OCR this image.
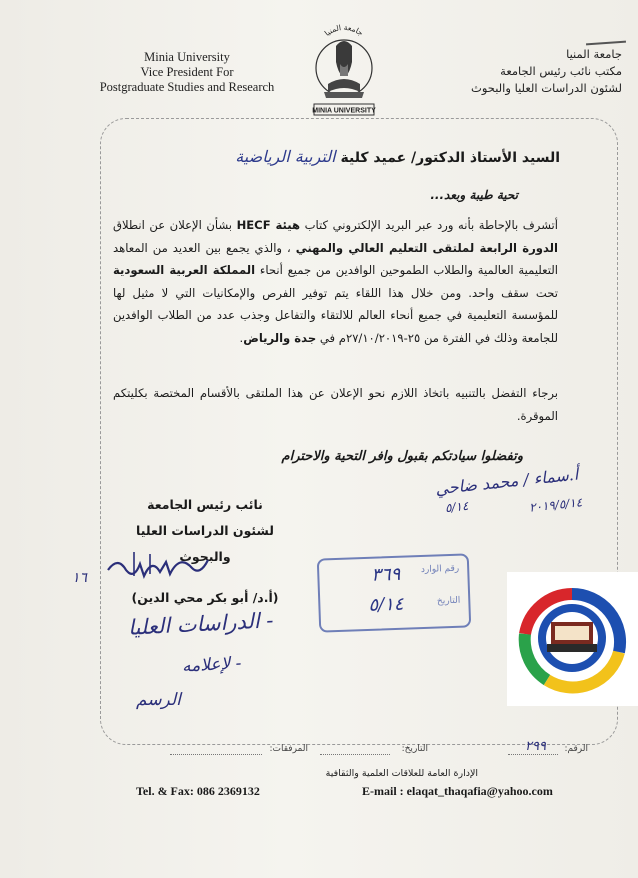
Minia University
Vice President For
Postgraduate Studies and Research
جامعة المنيا
MINIA UNIVERSITY
جامعة المنيا
مكتب نائب رئيس الجامعة
لشئون الدراسات العليا والبحوث
السيد الأستاذ الدكتور/ عميد كلية التربية الرياضية
تحية طيبة وبعد...
أتشرف بالإحاطة بأنه ورد عبر البريد الإلكتروني كتاب هيئة HECF بشأن الإعلان عن انطلاق الدورة الرابعة لملتقى التعليم العالي والمهني ، والذي يجمع بين العديد من المعاهد التعليمية العالمية والطلاب الطموحين الوافدين من جميع أنحاء المملكة العربية السعودية تحت سقف واحد. ومن خلال هذا اللقاء يتم توفير الفرص والإمكانيات التي لا مثيل لها للمؤسسة التعليمية في جميع أنحاء العالم للالتقاء والتفاعل وجذب عدد من الطلاب الوافدين للجامعة وذلك في الفترة من ٢٥-٢٧/١٠/٢٠١٩م في جدة والرياض.
برجاء التفضل بالتنبيه باتخاذ اللازم نحو الإعلان عن هذا الملتقى بالأقسام المختصة بكليتكم الموقرة.
وتفضلوا سيادتكم بقبول وافر التحية والاحترام
أ.سماء / محمد ضاحي
٢٠١٩/٥/١٤
٥/١٤
نائب رئيس الجامعة
لشئون الدراسات العليا والبحوث
١٦
(أ.د/ أبو بكر محي الدين)
رقم الوارد
٣٦٩
التاريخ
٥/١٤
- الدراسات العليا
- لإعلامه
الرسم
الرقم:
٢٩٩
التاريخ:
المرفقات:
الإدارة العامة للعلاقات العلمية والثقافية
Tel. & Fax: 086 2369132	E-mail : elaqat_thaqafia@yahoo.com
